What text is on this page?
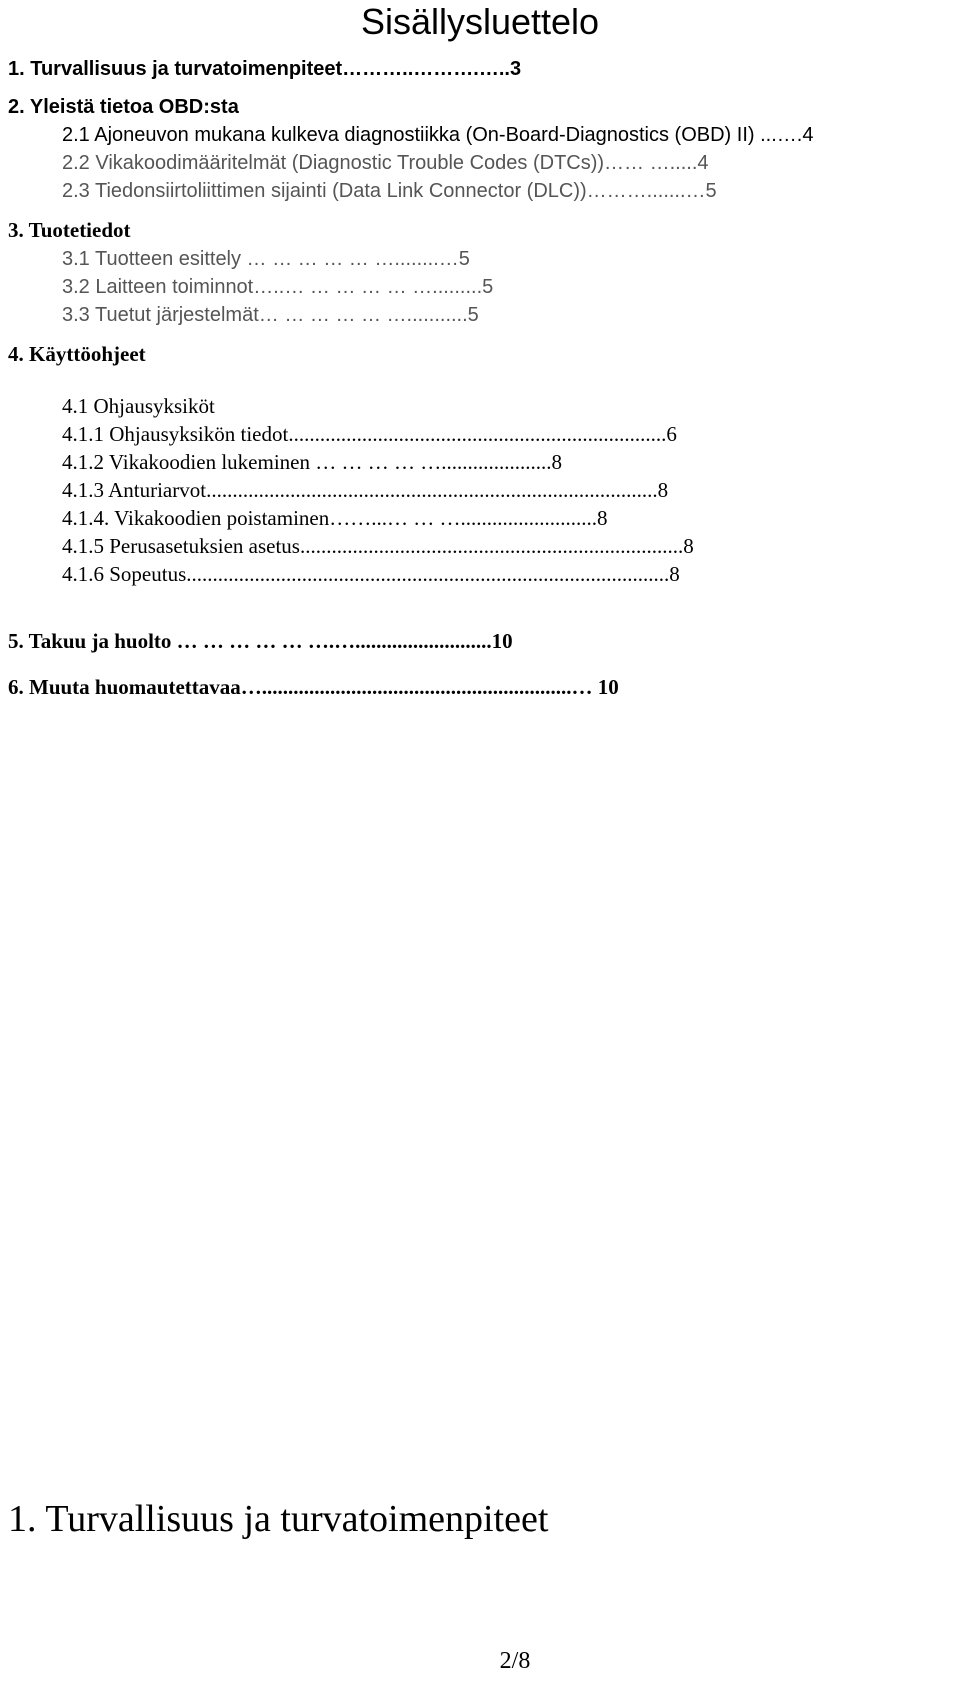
Sisällysluettelo
1. Turvallisuus ja turvatoimenpiteet………..……….…..3
2. Yleistä tietoa OBD:sta
2.1 Ajoneuvon mukana kulkeva diagnostiikka (On-Board-Diagnostics (OBD) II) ...….4
2.2 Vikakoodimääritelmät (Diagnostic Trouble Codes (DTCs))…… ….....4
2.3 Tiedonsiirtoliittimen sijainti (Data Link Connector (DLC))……….......…5
3. Tuotetiedot
3.1 Tuotteen esittely … … … … … …........…5
3.2 Laitteen toiminnot…..… … … … … ….........5
3.3 Tuetut järjestelmät… … … … … …...........5
4. Käyttöohjeet
4.1 Ohjausyksiköt
4.1.1 Ohjausyksikön tiedot........................................................................6
4.1.2 Vikakoodien lukeminen … … … … ….....................8
4.1.3 Anturiarvot......................................................................................8
4.1.4. Vikakoodien poistaminen……...… … …..........................8
4.1.5 Perusasetuksien asetus.........................................................................8
4.1.6 Sopeutus............................................................................................8
5. Takuu ja huolto … … … … … ….…..........................10
6. Muuta huomautettavaa…...........................................................… 10
1. Turvallisuus ja turvatoimenpiteet
2/8
